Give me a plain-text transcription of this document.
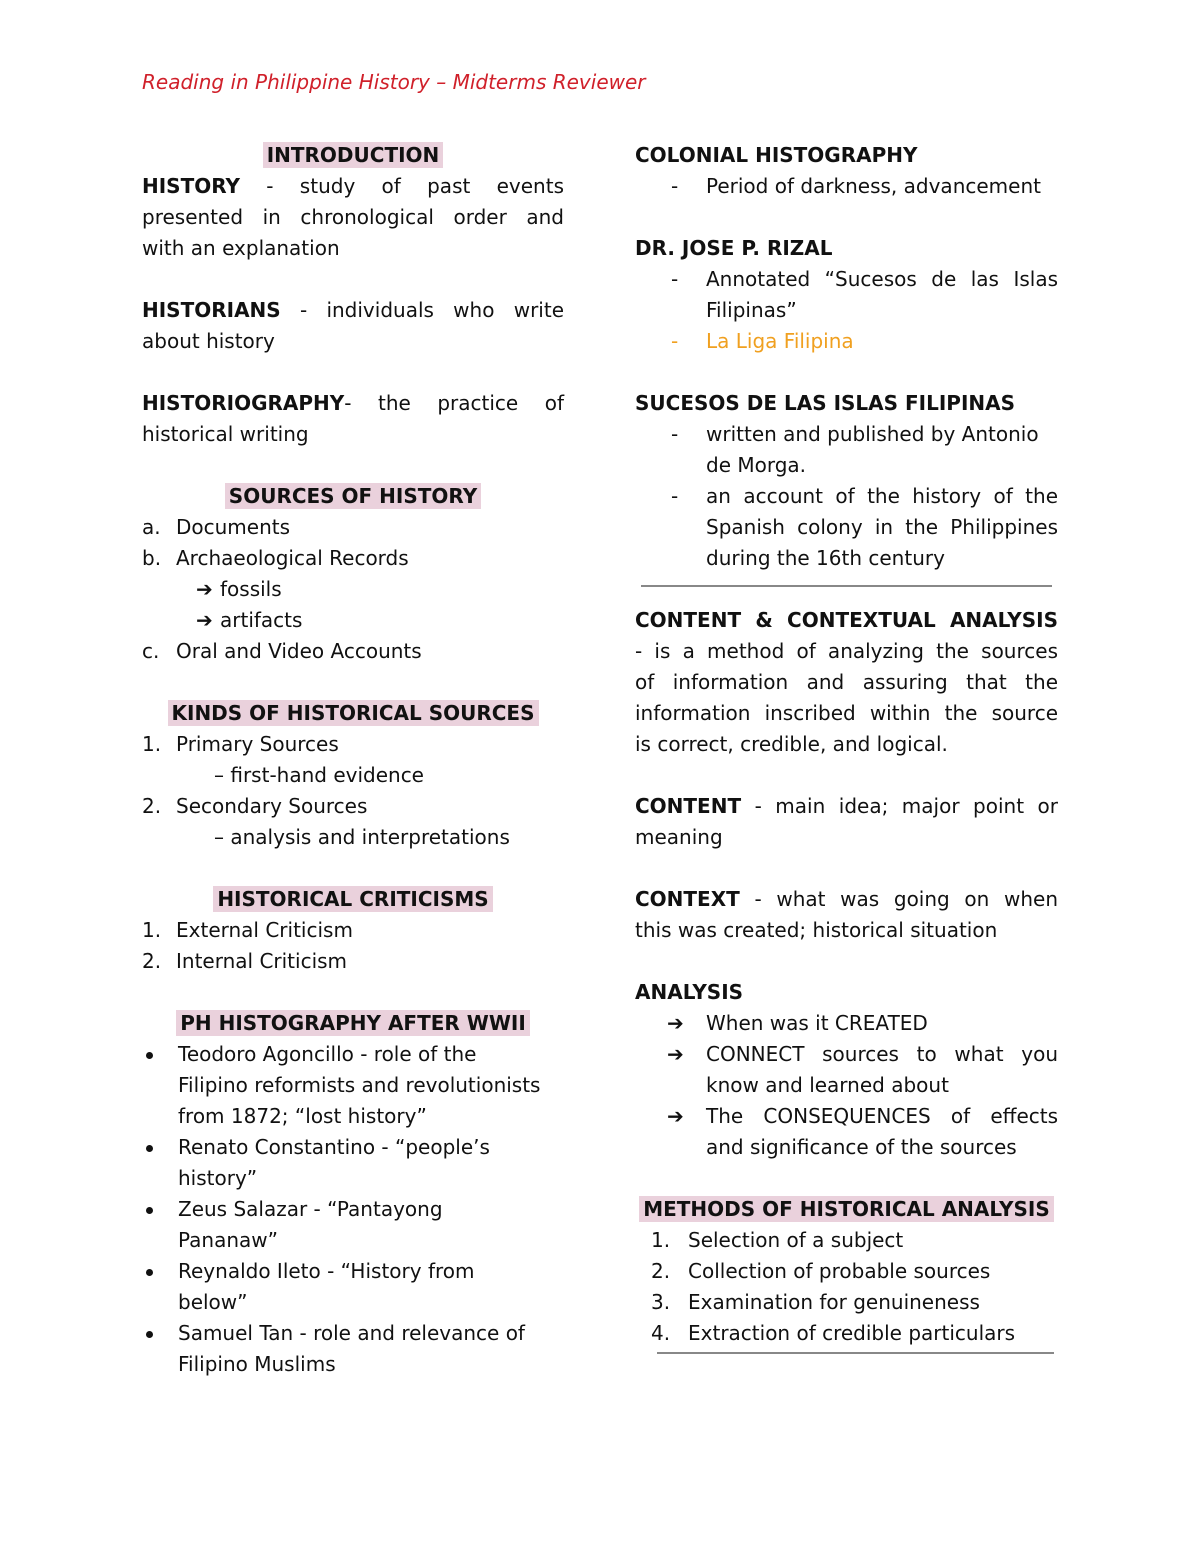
Reading in Philippine History – Midterms Reviewer
INTRODUCTION
HISTORY - study of past events
presented in chronological order and
with an explanation
HISTORIANS - individuals who write
about history
HISTORIOGRAPHY- the practice of
historical writing
SOURCES OF HISTORY
a. Documents
b. Archaeological Records
➔ fossils
➔ artifacts
c. Oral and Video Accounts
KINDS OF HISTORICAL SOURCES
1. Primary Sources
– first-hand evidence
2. Secondary Sources
– analysis and interpretations
HISTORICAL CRITICISMS
1. External Criticism
2. Internal Criticism
PH HISTOGRAPHY AFTER WWII
Teodoro Agoncillo - role of the
Filipino reformists and revolutionists
from 1872; “lost history”
Renato Constantino - “people’s
history”
Zeus Salazar - “Pantayong
Pananaw”
Reynaldo Ileto - “History from
below”
Samuel Tan - role and relevance of
Filipino Muslims
COLONIAL HISTOGRAPHY
-	Period of darkness, advancement
DR. JOSE P. RIZAL
-	Annotated “Sucesos de las Islas
Filipinas”
-	La Liga Filipina
SUCESOS DE LAS ISLAS FILIPINAS
-	written and published by Antonio
de Morga.
-	an account of the history of the
Spanish colony in the Philippines
during the 16th century
CONTENT & CONTEXTUAL ANALYSIS
- is a method of analyzing the sources
of information and assuring that the
information inscribed within the source
is correct, credible, and logical.
CONTENT - main idea; major point or
meaning
CONTEXT - what was going on when
this was created; historical situation
ANALYSIS
➔	When was it CREATED
➔	CONNECT sources to what you
know and learned about
➔	The CONSEQUENCES of effects
and significance of the sources
METHODS OF HISTORICAL ANALYSIS
1. Selection of a subject
2. Collection of probable sources
3. Examination for genuineness
4. Extraction of credible particulars
